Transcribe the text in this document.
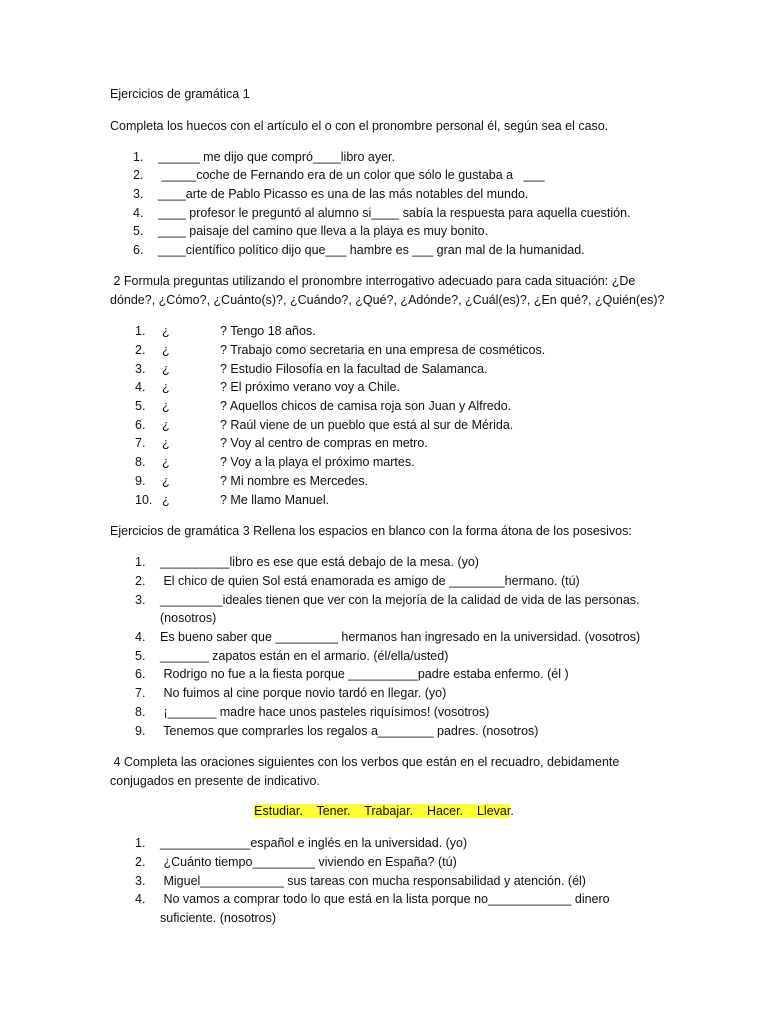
Ejercicios de gramática 1
Completa los huecos con el artículo el o con el pronombre personal él, según sea el caso.
1. ______ me dijo que compró____libro ayer.
2. _____coche de Fernando era de un color que sólo le gustaba a   ___
3. ____arte de Pablo Picasso es una de las más notables del mundo.
4. ____ profesor le preguntó al alumno si____ sabía la respuesta para aquella cuestión.
5. ____ paisaje del camino que lleva a la playa es muy bonito.
6. ____científico político dijo que___ hambre es ___ gran mal de la humanidad.
2 Formula preguntas utilizando el pronombre interrogativo adecuado para cada situación: ¿De
dónde?, ¿Cómo?, ¿Cuánto(s)?, ¿Cuándo?, ¿Qué?, ¿Adónde?, ¿Cuál(es)?, ¿En qué?, ¿Quién(es)?
1. ¿	? Tengo 18 años.
2. ¿	? Trabajo como secretaria en una empresa de cosméticos.
3. ¿	? Estudio Filosofía en la facultad de Salamanca.
4. ¿	? El próximo verano voy a Chile.
5. ¿	? Aquellos chicos de camisa roja son Juan y Alfredo.
6. ¿	? Raúl viene de un pueblo que está al sur de Mérida.
7. ¿	? Voy al centro de compras en metro.
8. ¿	? Voy a la playa el próximo martes.
9. ¿	? Mi nombre es Mercedes.
10. ¿	? Me llamo Manuel.
Ejercicios de gramática 3 Rellena los espacios en blanco con la forma átona de los posesivos:
1. __________libro es ese que está debajo de la mesa. (yo)
2. El chico de quien Sol está enamorada es amigo de ________hermano. (tú)
3. _________ideales tienen que ver con la mejoría de la calidad de vida de las personas.
(nosotros)
4. Es bueno saber que _________ hermanos han ingresado en la universidad. (vosotros)
5. _______ zapatos están en el armario. (él/ella/usted)
6. Rodrigo no fue a la fiesta porque __________padre estaba enfermo. (él )
7. No fuimos al cine porque novio tardó en llegar. (yo)
8. ¡_______ madre hace unos pasteles riquísimos! (vosotros)
9. Tenemos que comprarles los regalos a________ padres. (nosotros)
4 Completa las oraciones siguientes con los verbos que están en el recuadro, debidamente
conjugados en presente de indicativo.
Estudiar.    Tener.    Trabajar.    Hacer.    Llevar.
1. _____________español e inglés en la universidad. (yo)
2. ¿Cuánto tiempo_________ viviendo en España? (tú)
3. Miguel____________ sus tareas con mucha responsabilidad y atención. (él)
4. No vamos a comprar todo lo que está en la lista porque no____________ dinero
suficiente. (nosotros)
